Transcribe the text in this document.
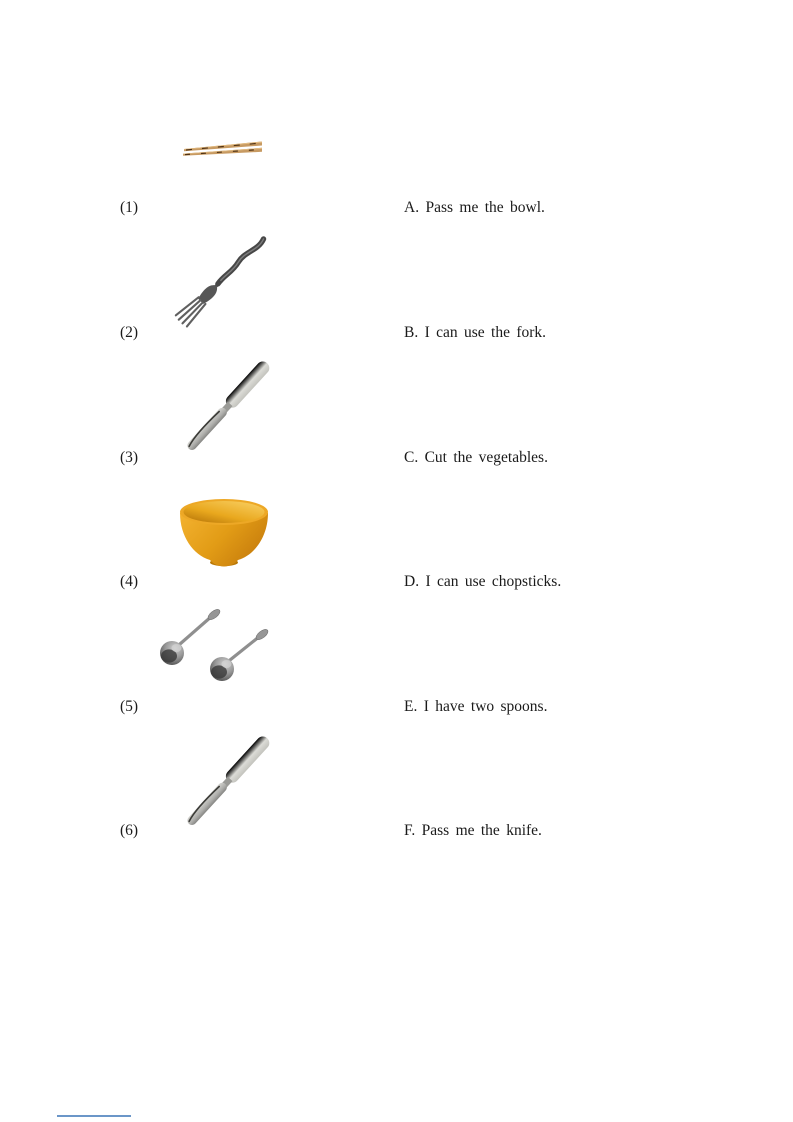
(1)	A. Pass me the bowl.
(2)	B. I can use the fork.
(3)	C. Cut the vegetables.
(4)	D. I can use chopsticks.
(5)	E. I have two spoons.
(6)	F. Pass me the knife.
